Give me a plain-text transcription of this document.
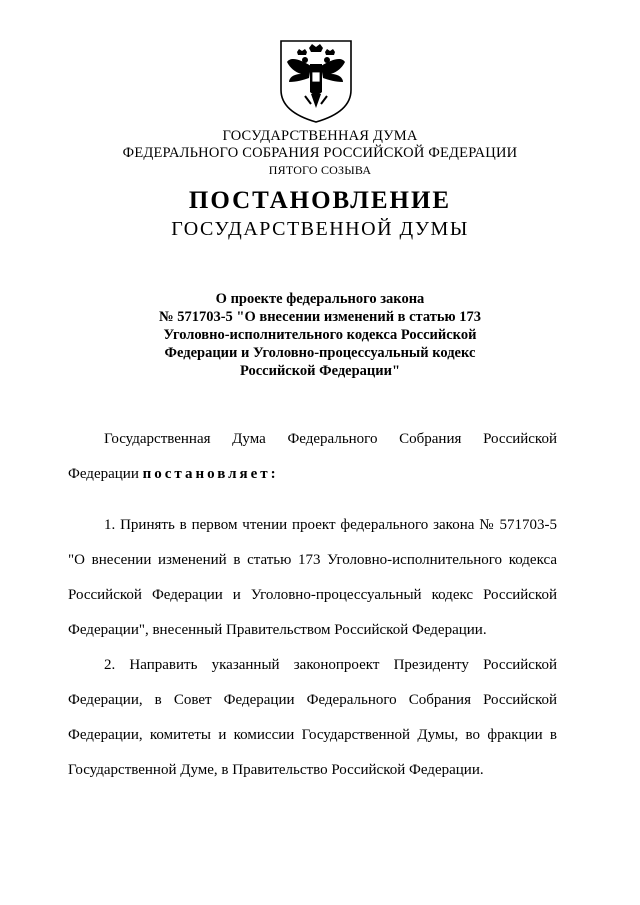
ГОСУДАРСТВЕННАЯ ДУМА
ФЕДЕРАЛЬНОГО СОБРАНИЯ РОССИЙСКОЙ ФЕДЕРАЦИИ
ПЯТОГО СОЗЫВА
ПОСТАНОВЛЕНИЕ
ГОСУДАРСТВЕННОЙ ДУМЫ
О проекте федерального закона
№ 571703-5 "О внесении изменений в статью 173
Уголовно-исполнительного кодекса Российской
Федерации и Уголовно-процессуальный кодекс
Российской Федерации"
Государственная Дума Федерального Собрания Российской
Федерации постановляет:
1. Принять в первом чтении проект федерального закона № 571703-5
"О внесении изменений в статью 173 Уголовно-исполнительного кодекса
Российской Федерации и Уголовно-процессуальный кодекс Российской
Федерации", внесенный Правительством Российской Федерации.
2. Направить указанный законопроект Президенту Российской
Федерации, в Совет Федерации Федерального Собрания Российской
Федерации, комитеты и комиссии Государственной Думы, во фракции в
Государственной Думе, в Правительство Российской Федерации.
